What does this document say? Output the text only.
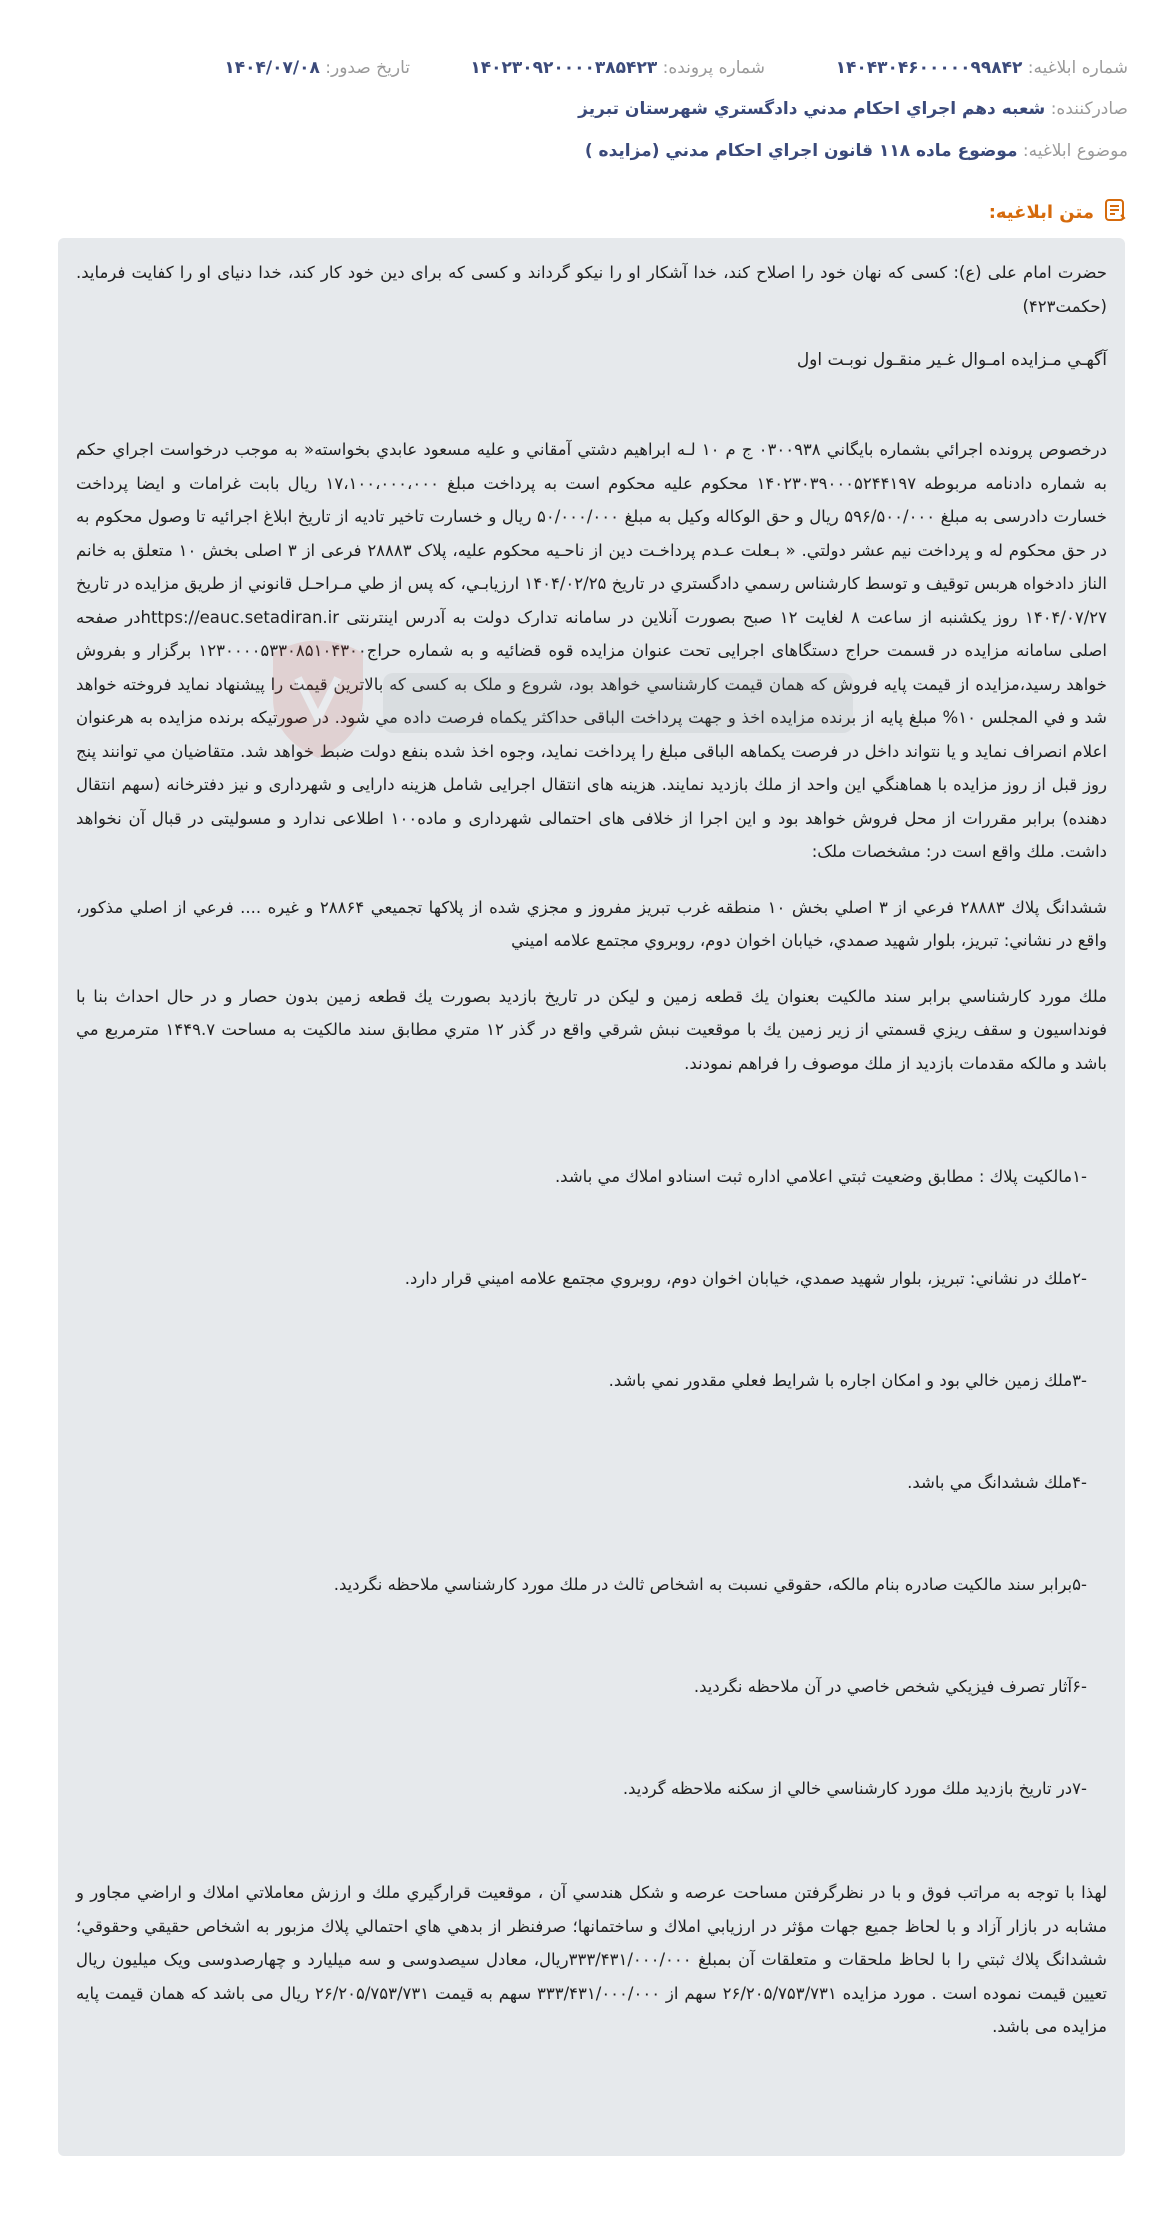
شماره ابلاغیه: ۱۴۰۴۳۰۴۶۰۰۰۰۰۹۹۸۴۲
شماره پرونده: ۱۴۰۲۳۰۹۲۰۰۰۰۳۸۵۴۲۳
تاریخ صدور: ۱۴۰۴/۰۷/۰۸
صادرکننده: شعبه دهم اجراي احكام مدني دادگستري شهرستان تبريز
موضوع ابلاغیه: موضوع ماده ۱۱۸ قانون اجراي احكام مدني (مزايده )
متن ابلاغیه:

حضرت امام علی (ع): کسی که نهان خود را اصلاح کند، خدا آشکار او را نیکو گرداند و کسی که برای دین خود کار کند، خدا دنیای او را کفایت فرماید.(حکمت۴۲۳)

آگهـي مـزايده امـوال غـير منقـول نوبـت اول

درخصوص پرونده اجرائي بشماره بايگاني ۰۳۰۰۹۳۸ ج م ۱۰ لـه ابراهيم دشتي آمقاني و عليه مسعود عابدي بخواسته« به موجب درخواست اجراي حكم به شماره دادنامه مربوطه ۱۴۰۲۳۰۳۹۰۰۰۵۲۴۴۱۹۷ محكوم عليه محكوم است به پرداخت مبلغ ۱۷،۱۰۰،۰۰۰،۰۰۰ ريال بابت غرامات و ايضا پرداخت خسارت دادرسی به مبلغ ۵۹۶/۵۰۰/۰۰۰ ريال و حق الوكاله وكيل به مبلغ ۵۰/۰۰۰/۰۰۰ ريال و خسارت تاخير تاديه از تاريخ ابلاغ اجرائيه تا وصول محكوم به در حق محكوم له و پرداخت نيم عشر دولتي. « بـعلت عـدم پرداخـت دين از ناحـيه محكوم عليه، پلاک ۲۸۸۸۳ فرعی از ۳ اصلی بخش ۱۰ متعلق به خانم الناز دادخواه هربس توقيف و توسط كارشناس رسمي دادگستري در تاريخ ۱۴۰۴/۰۲/۲۵ ارزيابـي، كه پس از طي مـراحـل قانوني از طريق مزايده در تاريخ ۱۴۰۴/۰۷/۲۷ روز يكشنبه از ساعت ۸ لغايت ۱۲ صبح بصورت آنلاين در سامانه تدارک دولت به آدرس اينترنتی https://eauc.setadiran.irدر صفحه اصلی سامانه مزايده در قسمت حراج دستگاهای اجرايی تحت عنوان مزايده قوه قضائيه و به شماره حراج۱۲۳۰۰۰۰۵۳۳۰۸۵۱۰۴۳۰۰ برگزار و بفروش خواهد رسيد،مزايده از قيمت پايه فروش كه همان قيمت كارشناسي خواهد بود، شروع و ملک به کسی كه بالاترين قيمت را پيشنهاد نمايد فروخته خواهد شد و في المجلس ۱۰% مبلغ پايه از برنده مزايده اخذ و جهت پرداخت الباقی حداکثر يکماه فرصت داده مي شود. در صورتيكه برنده مزايده به هرعنوان اعلام انصراف نمايد و يا نتواند داخل در فرصت يكماهه الباقی مبلغ را پرداخت نمايد، وجوه اخذ شده بنفع دولت ضبط خواهد شد. متقاضيان مي توانند پنج روز قبل از روز مزايده با هماهنگي اين واحد از ملك بازديد نمايند. هزينه های انتقال اجرایی شامل هزینه دارايی و شهرداری و نيز دفترخانه (سهم انتقال دهنده) برابر مقررات از محل فروش خواهد بود و اين اجرا از خلافی های احتمالی شهرداری و ماده۱۰۰ اطلاعی ندارد و مسوليتی در قبال آن نخواهد داشت. ملك واقع است در: مشخصات ملک:

ششدانگ پلاك ۲۸۸۸۳ فرعي از ۳ اصلي بخش ۱۰ منطقه غرب تبريز مفروز و مجزي شده از پلاكها تجميعي ۲۸۸۶۴ و غيره .... فرعي از اصلي مذكور، واقع در نشاني: تبريز، بلوار شهيد صمدي، خيابان اخوان دوم، روبروي مجتمع علامه اميني

ملك مورد كارشناسي برابر سند مالكيت بعنوان يك قطعه زمين و ليكن در تاريخ بازديد بصورت يك قطعه زمين بدون حصار و در حال احداث بنا با فونداسيون و سقف ريزي قسمتي از زير زمين يك با موقعيت نبش شرقي واقع در گذر ۱۲ متري مطابق سند مالكيت به مساحت ۱۴۴۹.۷ مترمربع مي باشد و مالكه مقدمات بازديد از ملك موصوف را فراهم نمودند.

-۱مالكيت پلاك : مطابق وضعيت ثبتي اعلامي اداره ثبت اسنادو املاك مي باشد.

-۲ملك در نشاني: تبريز، بلوار شهيد صمدي، خيابان اخوان دوم، روبروي مجتمع علامه اميني قرار دارد.

-۳ملك زمين خالي بود و امكان اجاره با شرايط فعلي مقدور نمي باشد.

-۴ملك ششدانگ مي باشد.

-۵برابر سند مالكيت صادره بنام مالكه، حقوقي نسبت به اشخاص ثالث در ملك مورد كارشناسي ملاحظه نگرديد.

-۶آثار تصرف فيزيكي شخص خاصي در آن ملاحظه نگرديد.

-۷در تاريخ بازديد ملك مورد كارشناسي خالي از سكنه ملاحظه گرديد.

لهذا با توجه به مراتب فوق و با در نظرگرفتن مساحت عرصه و شكل هندسي آن ، موقعيت قرارگيري ملك و ارزش معاملاتي املاك و اراضي مجاور و مشابه در بازار آزاد و با لحاظ جميع جهات مؤثر در ارزيابي املاك و ساختمانها؛ صرفنظر از بدهي هاي احتمالي پلاك مزبور به اشخاص حقيقي وحقوقي؛ ششدانگ پلاك ثبتي را با لحاظ ملحقات و متعلقات آن بمبلغ ۳۳۳/۴۳۱/۰۰۰/۰۰۰ريال، معادل سيصدوسی و سه ميليارد و چهارصدوسی ويک ميليون ريال تعيين قيمت نموده است . مورد مزايده ۲۶/۲۰۵/۷۵۳/۷۳۱ سهم از ۳۳۳/۴۳۱/۰۰۰/۰۰۰ سهم به قيمت ۲۶/۲۰۵/۷۵۳/۷۳۱ ريال می باشد که همان قيمت پايه مزايده می باشد.
